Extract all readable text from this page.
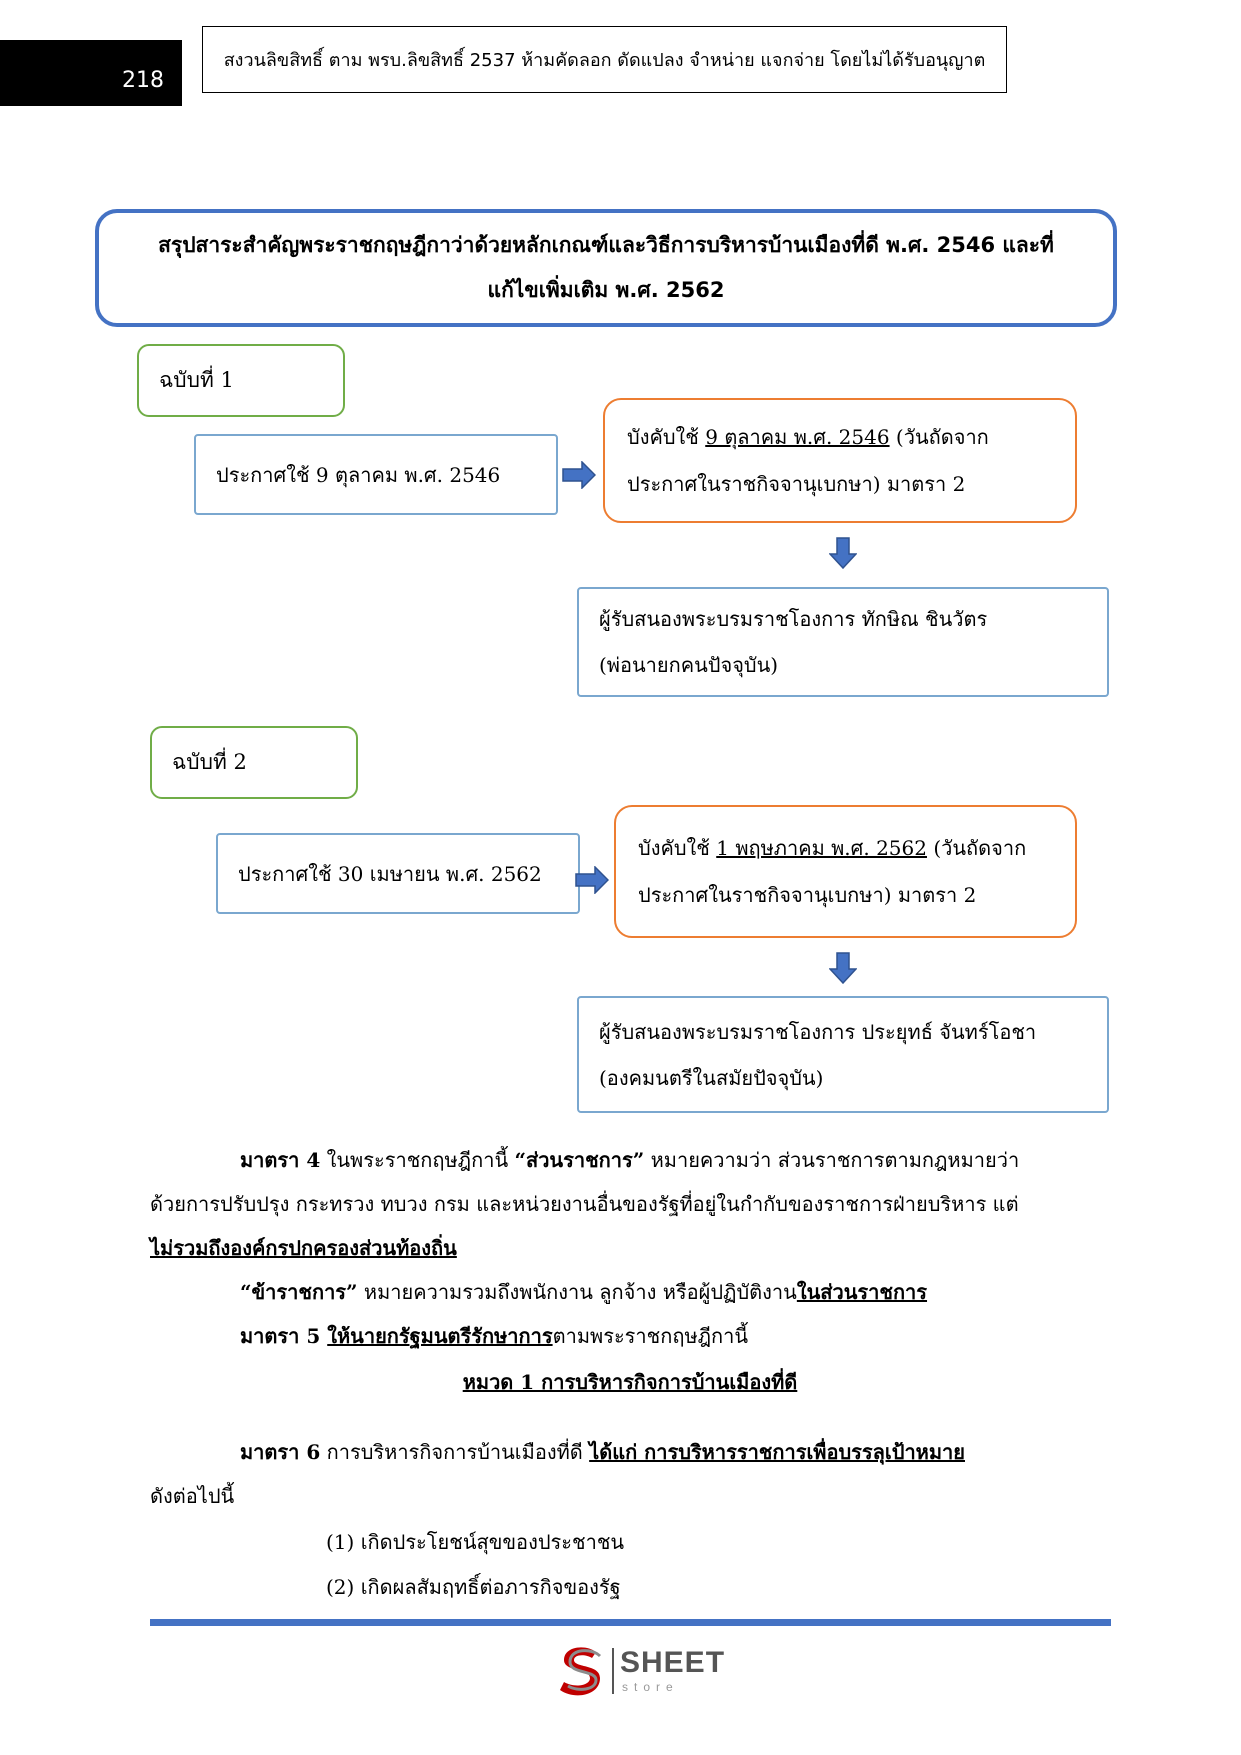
218
สงวนลิขสิทธิ์ ตาม พรบ.ลิขสิทธิ์ 2537 ห้ามคัดลอก ดัดแปลง จำหน่าย แจกจ่าย โดยไม่ได้รับอนุญาต
สรุปสาระสำคัญพระราชกฤษฎีกาว่าด้วยหลักเกณฑ์และวิธีการบริหารบ้านเมืองที่ดี พ.ศ. 2546 และที่
แก้ไขเพิ่มเติม พ.ศ. 2562
ฉบับที่ 1
ประกาศใช้ 9 ตุลาคม พ.ศ. 2546
บังคับใช้ 9 ตุลาคม พ.ศ. 2546 (วันถัดจาก
ประกาศในราชกิจจานุเบกษา) มาตรา 2
ผู้รับสนองพระบรมราชโองการ ทักษิณ ชินวัตร
(พ่อนายกคนปัจจุบัน)
ฉบับที่ 2
ประกาศใช้ 30 เมษายน พ.ศ. 2562
บังคับใช้ 1 พฤษภาคม พ.ศ. 2562 (วันถัดจาก
ประกาศในราชกิจจานุเบกษา) มาตรา 2
ผู้รับสนองพระบรมราชโองการ ประยุทธ์ จันทร์โอชา
(องคมนตรีในสมัยปัจจุบัน)
มาตรา 4 ในพระราชกฤษฎีกานี้ “ส่วนราชการ” หมายความว่า ส่วนราชการตามกฎหมายว่า
ด้วยการปรับปรุง กระทรวง ทบวง กรม และหน่วยงานอื่นของรัฐที่อยู่ในกำกับของราชการฝ่ายบริหาร แต่
ไม่รวมถึงองค์กรปกครองส่วนท้องถิ่น
“ข้าราชการ” หมายความรวมถึงพนักงาน ลูกจ้าง หรือผู้ปฏิบัติงานในส่วนราชการ
มาตรา 5 ให้นายกรัฐมนตรีรักษาการตามพระราชกฤษฎีกานี้
หมวด 1 การบริหารกิจการบ้านเมืองที่ดี
มาตรา 6 การบริหารกิจการบ้านเมืองที่ดี ได้แก่ การบริหารราชการเพื่อบรรลุเป้าหมาย
ดังต่อไปนี้
(1) เกิดประโยชน์สุขของประชาชน
(2) เกิดผลสัมฤทธิ์ต่อภารกิจของรัฐ
SHEET
store
